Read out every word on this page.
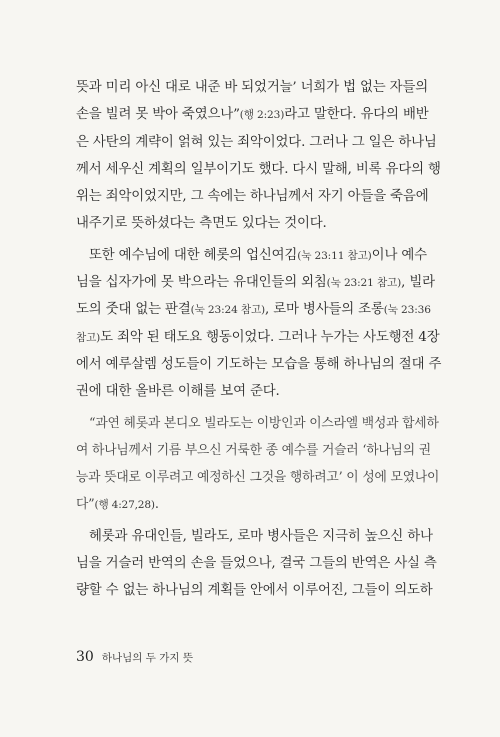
뜻과 미리 아신 대로 내준 바 되었거늘’ 너희가 법 없는 자들의
손을 빌려 못 박아 죽였으나”(행 2:23)라고 말한다. 유다의 배반
은 사탄의 계략이 얽혀 있는 죄악이었다. 그러나 그 일은 하나님
께서 세우신 계획의 일부이기도 했다. 다시 말해, 비록 유다의 행
위는 죄악이었지만, 그 속에는 하나님께서 자기 아들을 죽음에
내주기로 뜻하셨다는 측면도 있다는 것이다.
또한 예수님에 대한 헤롯의 업신여김(눅 23:11 참고)이나 예수
님을 십자가에 못 박으라는 유대인들의 외침(눅 23:21 참고), 빌라
도의 줏대 없는 판결(눅 23:24 참고), 로마 병사들의 조롱(눅 23:36
참고)도 죄악 된 태도요 행동이었다. 그러나 누가는 사도행전 4장
에서 예루살렘 성도들이 기도하는 모습을 통해 하나님의 절대 주
권에 대한 올바른 이해를 보여 준다.
“과연 헤롯과 본디오 빌라도는 이방인과 이스라엘 백성과 합세하
여 하나님께서 기름 부으신 거룩한 종 예수를 거슬러 ‘하나님의 권
능과 뜻대로 이루려고 예정하신 그것을 행하려고’ 이 성에 모였나이
다”(행 4:27,28).
헤롯과 유대인들, 빌라도, 로마 병사들은 지극히 높으신 하나
님을 거슬러 반역의 손을 들었으나, 결국 그들의 반역은 사실 측
량할 수 없는 하나님의 계획들 안에서 이루어진, 그들이 의도하
30 하나님의 두 가지 뜻
